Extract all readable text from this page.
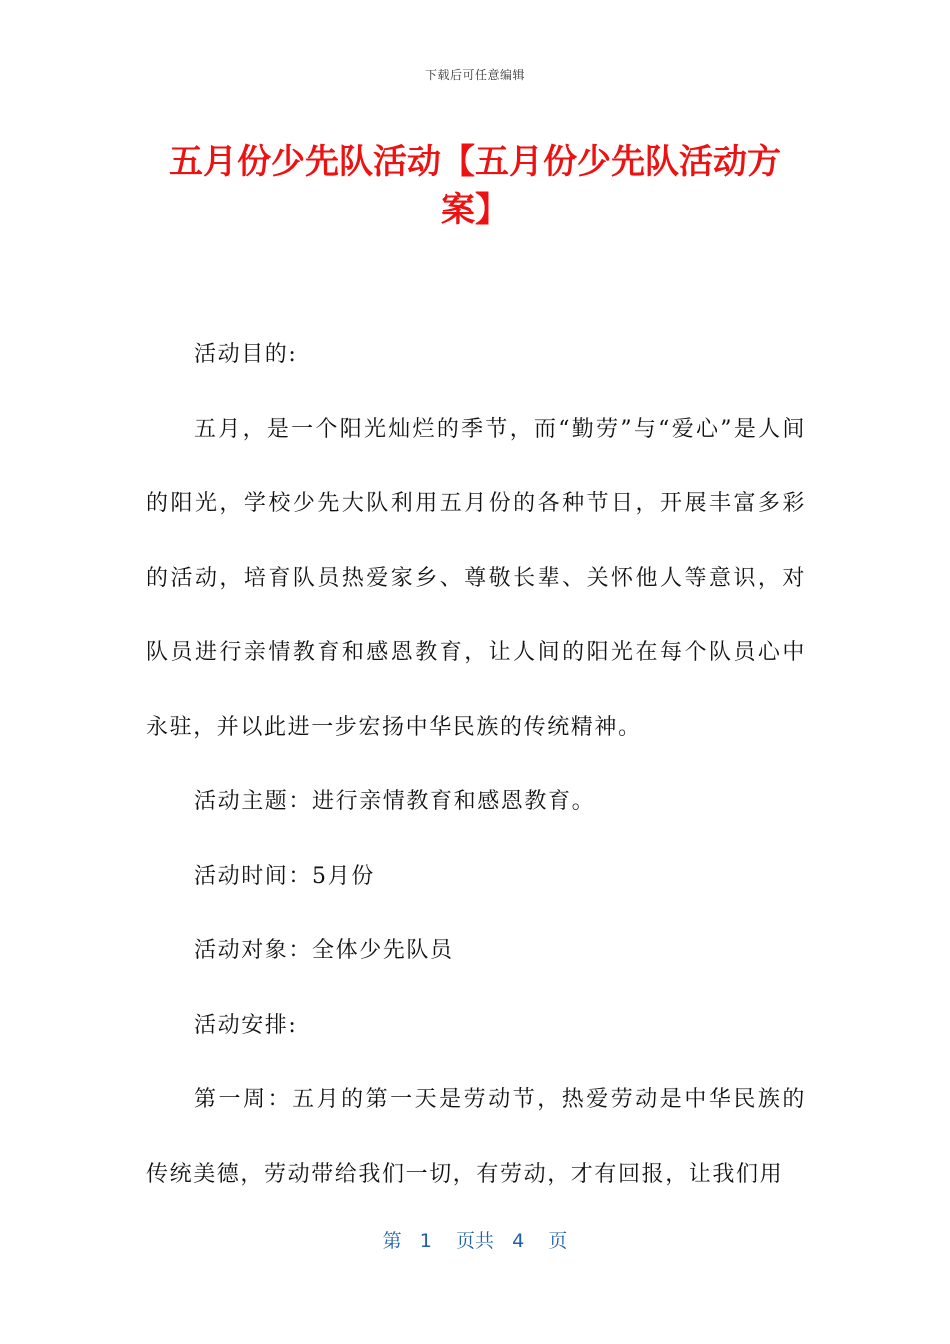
下载后可任意编辑
五月份少先队活动【五月份少先队活动方案】

活动目的:

五月，是一个阳光灿烂的季节，而“勤劳”与“爱心”是人间的阳光，学校少先大队利用五月份的各种节日，开展丰富多彩的活动，培育队员热爱家乡、尊敬长辈、关怀他人等意识，对队员进行亲情教育和感恩教育，让人间的阳光在每个队员心中永驻，并以此进一步宏扬中华民族的传统精神。

活动主题：进行亲情教育和感恩教育。

活动时间：5月份

活动对象：全体少先队员

活动安排:

第一周：五月的第一天是劳动节，热爱劳动是中华民族的传统美德，劳动带给我们一切，有劳动，才有回报，让我们用

第 1 页共 4 页
